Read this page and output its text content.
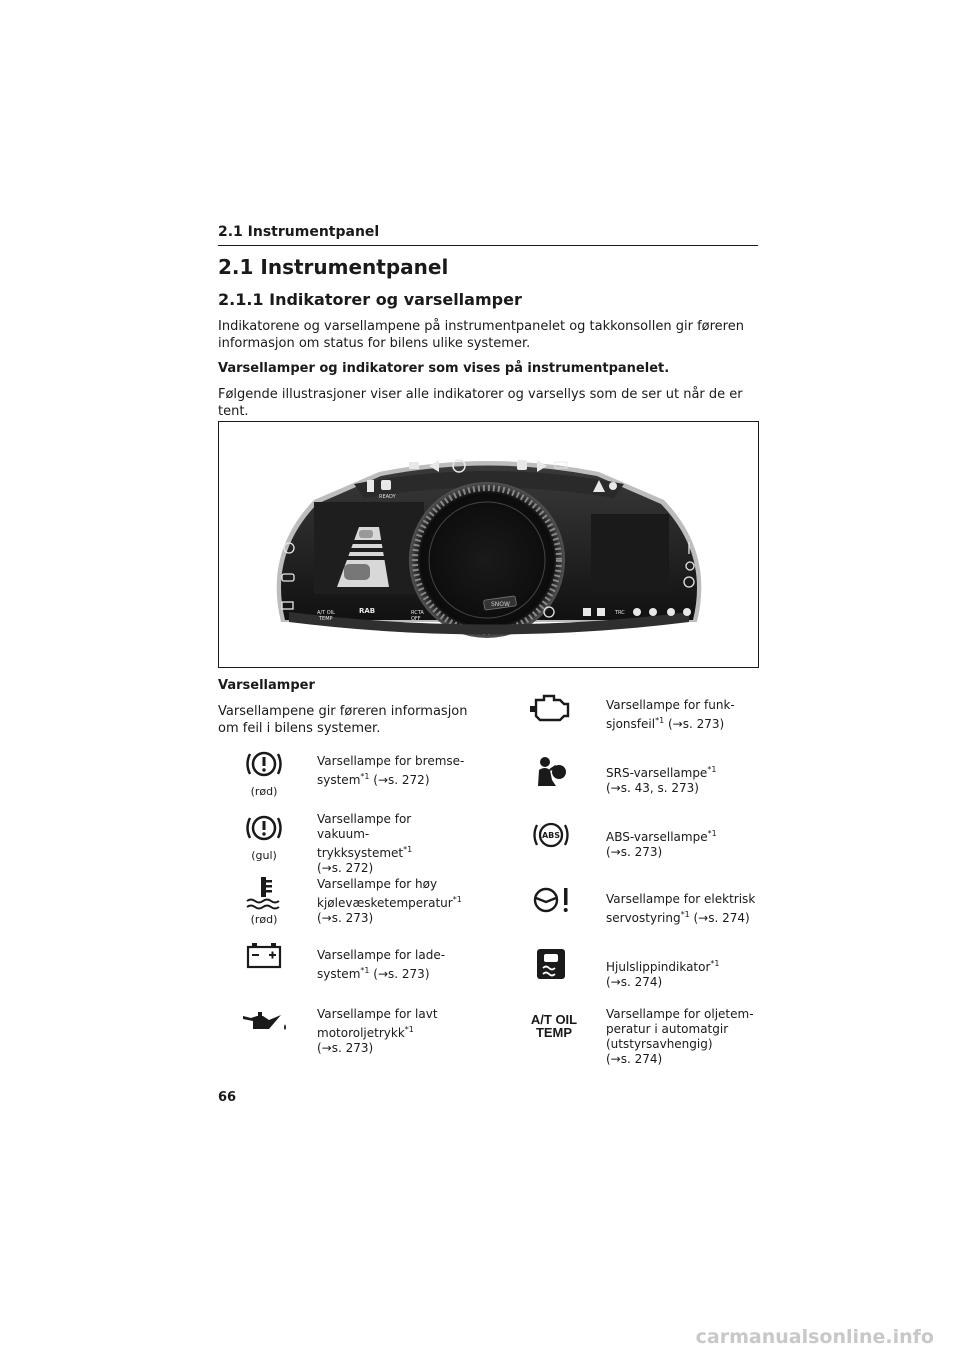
2.1 Instrumentpanel
2.1 Instrumentpanel
2.1.1 Indikatorer og varsellamper
Indikatorene og varsellampene på instrumentpanelet og takkonsollen gir føreren informasjon om status for bilens ulike systemer.
Varsellamper og indikatorer som vises på instrumentpanelet.
Følgende illustrasjoner viser alle indikatorer og varsellys som de ser ut når de er tent.
SNOW
READY
A/T OIL
TEMP
RAB	RCTA
OFF
TRC
Varsellamper
Varsellampene gir føreren informasjon om feil i bilens systemer.
(rød)
Varsellampe for bremse-
system$^{*1}$ (→s. 272)
(gul)
Varsellampe for vakuum-
trykksystemet$^{*1}$
(→s. 272)
(rød)
Varsellampe for høy
kjølevæsketemperatur$^{*1}$
(→s. 273)
Varsellampe for lade-
system$^{*1}$ (→s. 273)
Varsellampe for lavt
motoroljetrykk$^{*1}$
(→s. 273)
Varsellampe for funk-
sjonsfeil$^{*1}$ (→s. 273)
SRS-varsellampe$^{*1}$
(→s. 43, s. 273)
ABS	ABS-varsellampe$^{*1}$
(→s. 273)
Varsellampe for elektrisk
servostyring$^{*1}$ (→s. 274)
Hjulslippindikator$^{*1}$
(→s. 274)
A/T OIL
TEMP
Varsellampe for oljetem-
peratur i automatgir
(utstyrsavhengig)
(→s. 274)
66
carmanualsonline.info
